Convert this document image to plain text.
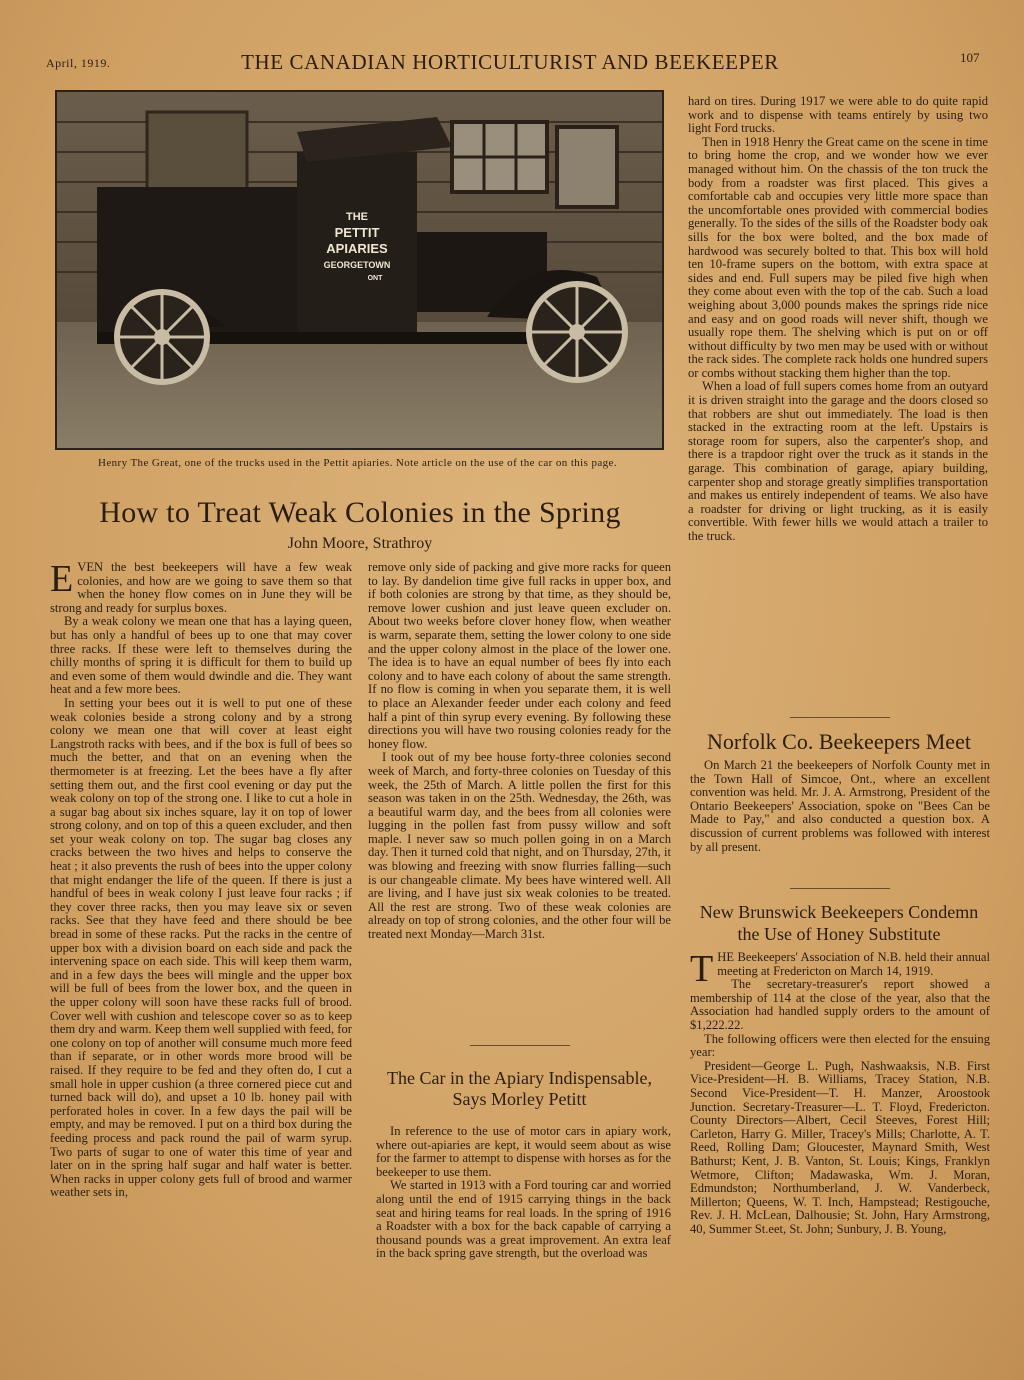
April, 1919.	THE CANADIAN HORTICULTURIST AND BEEKEEPER	107
THE
PETTIT
APIARIES
GEORGETOWN
ONT
Henry The Great, one of the trucks used in the Pettit apiaries. Note article on the use of the car on this page.
How to Treat Weak Colonies in the Spring
John Moore, Strathroy

EVEN the best beekeepers will have a few weak colonies, and how are we going to save them so that when the honey flow comes on in June they will be strong and ready for surplus boxes.

By a weak colony we mean one that has a laying queen, but has only a handful of bees up to one that may cover three racks. If these were left to themselves during the chilly months of spring it is difficult for them to build up and even some of them would dwindle and die. They want heat and a few more bees.

In setting your bees out it is well to put one of these weak colonies beside a strong colony and by a strong colony we mean one that will cover at least eight Langstroth racks with bees, and if the box is full of bees so much the better, and that on an evening when the thermometer is at freezing. Let the bees have a fly after setting them out, and the first cool evening or day put the weak colony on top of the strong one. I like to cut a hole in a sugar bag about six inches square, lay it on top of lower strong colony, and on top of this a queen excluder, and then set your weak colony on top. The sugar bag closes any cracks between the two hives and helps to conserve the heat ; it also prevents the rush of bees into the upper colony that might endanger the life of the queen. If there is just a handful of bees in weak colony I just leave four racks ; if they cover three racks, then you may leave six or seven racks. See that they have feed and there should be bee bread in some of these racks. Put the racks in the centre of upper box with a division board on each side and pack the intervening space on each side. This will keep them warm, and in a few days the bees will mingle and the upper box will be full of bees from the lower box, and the queen in the upper colony will soon have these racks full of brood. Cover well with cushion and telescope cover so as to keep them dry and warm. Keep them well supplied with feed, for one colony on top of another will consume much more feed than if separate, or in other words more brood will be raised. If they require to be fed and they often do, I cut a small hole in upper cushion (a three cornered piece cut and turned back will do), and upset a 10 lb. honey pail with perforated holes in cover. In a few days the pail will be empty, and may be removed. I put on a third box during the feeding process and pack round the pail of warm syrup. Two parts of sugar to one of water this time of year and later on in the spring half sugar and half water is better. When racks in upper colony gets full of brood and warmer weather sets in,

remove only side of packing and give more racks for queen to lay. By dandelion time give full racks in upper box, and if both colonies are strong by that time, as they should be, remove lower cushion and just leave queen excluder on. About two weeks before clover honey flow, when weather is warm, separate them, setting the lower colony to one side and the upper colony almost in the place of the lower one. The idea is to have an equal number of bees fly into each colony and to have each colony of about the same strength. If no flow is coming in when you separate them, it is well to place an Alexander feeder under each colony and feed half a pint of thin syrup every evening. By following these directions you will have two rousing colonies ready for the honey flow.

I took out of my bee house forty-three colonies second week of March, and forty-three colonies on Tuesday of this week, the 25th of March. A little pollen the first for this season was taken in on the 25th. Wednesday, the 26th, was a beautiful warm day, and the bees from all colonies were lugging in the pollen fast from pussy willow and soft maple. I never saw so much pollen going in on a March day. Then it turned cold that night, and on Thursday, 27th, it was blowing and freezing with snow flurries falling—such is our changeable climate. My bees have wintered well. All are living, and I have just six weak colonies to be treated. All the rest are strong. Two of these weak colonies are already on top of strong colonies, and the other four will be treated next Monday—March 31st.

The Car in the Apiary Indispensable, Says Morley Petitt

In reference to the use of motor cars in apiary work, where out-apiaries are kept, it would seem about as wise for the farmer to attempt to dispense with horses as for the beekeeper to use them.

We started in 1913 with a Ford touring car and worried along until the end of 1915 carrying things in the back seat and hiring teams for real loads. In the spring of 1916 a Roadster with a box for the back capable of carrying a thousand pounds was a great improvement. An extra leaf in the back spring gave strength, but the overload was

hard on tires. During 1917 we were able to do quite rapid work and to dispense with teams entirely by using two light Ford trucks.

Then in 1918 Henry the Great came on the scene in time to bring home the crop, and we wonder how we ever managed without him. On the chassis of the ton truck the body from a roadster was first placed. This gives a comfortable cab and occupies very little more space than the uncomfortable ones provided with commercial bodies generally. To the sides of the sills of the Roadster body oak sills for the box were bolted, and the box made of hardwood was securely bolted to that. This box will hold ten 10-frame supers on the bottom, with extra space at sides and end. Full supers may be piled five high when they come about even with the top of the cab. Such a load weighing about 3,000 pounds makes the springs ride nice and easy and on good roads will never shift, though we usually rope them. The shelving which is put on or off without difficulty by two men may be used with or without the rack sides. The complete rack holds one hundred supers or combs without stacking them higher than the top.

When a load of full supers comes home from an outyard it is driven straight into the garage and the doors closed so that robbers are shut out immediately. The load is then stacked in the extracting room at the left. Upstairs is storage room for supers, also the carpenter's shop, and there is a trapdoor right over the truck as it stands in the garage. This combination of garage, apiary building, carpenter shop and storage greatly simplifies transportation and makes us entirely independent of teams. We also have a roadster for driving or light trucking, as it is easily convertible. With fewer hills we would attach a trailer to the truck.

Norfolk Co. Beekeepers Meet

On March 21 the beekeepers of Norfolk County met in the Town Hall of Simcoe, Ont., where an excellent convention was held. Mr. J. A. Armstrong, President of the Ontario Beekeepers' Association, spoke on "Bees Can be Made to Pay," and also conducted a question box. A discussion of current problems was followed with interest by all present.

New Brunswick Beekeepers Condemn the Use of Honey Substitute

THE Beekeepers' Association of N.B. held their annual meeting at Fredericton on March 14, 1919.

The secretary-treasurer's report showed a membership of 114 at the close of the year, also that the Association had handled supply orders to the amount of $1,222.22.

The following officers were then elected for the ensuing year:

President—George L. Pugh, Nashwaaksis, N.B. First Vice-President—H. B. Williams, Tracey Station, N.B. Second Vice-President—T. H. Manzer, Aroostook Junction. Secretary-Treasurer—L. T. Floyd, Fredericton. County Directors—Albert, Cecil Steeves, Forest Hill; Carleton, Harry G. Miller, Tracey's Mills; Charlotte, A. T. Reed, Rolling Dam; Gloucester, Maynard Smith, West Bathurst; Kent, J. B. Vanton, St. Louis; Kings, Franklyn Wetmore, Clifton; Madawaska, Wm. J. Moran, Edmundston; Northumberland, J. W. Vanderbeck, Millerton; Queens, W. T. Inch, Hampstead; Restigouche, Rev. J. H. McLean, Dalhousie; St. John, Hary Armstrong, 40, Summer St.eet, St. John; Sunbury, J. B. Young,
